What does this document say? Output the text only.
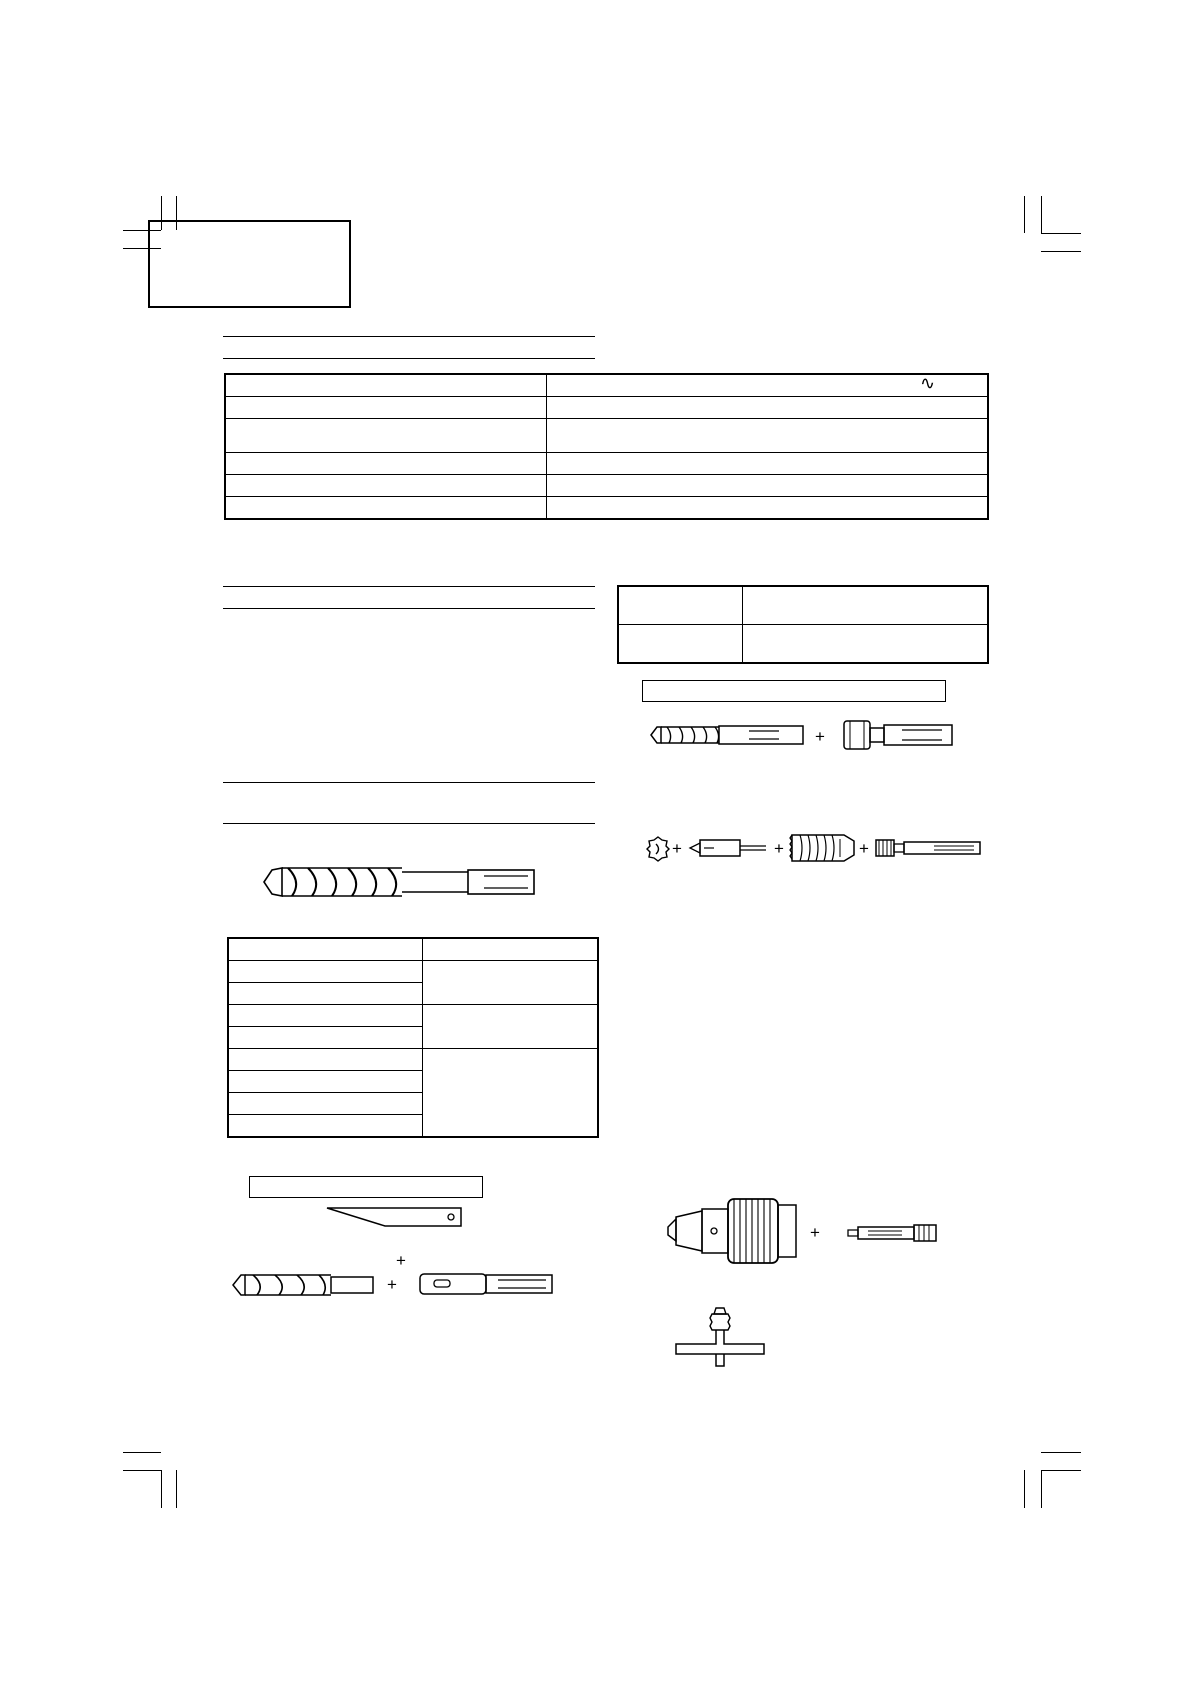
	∿

+
+	+	+

+
+
+
